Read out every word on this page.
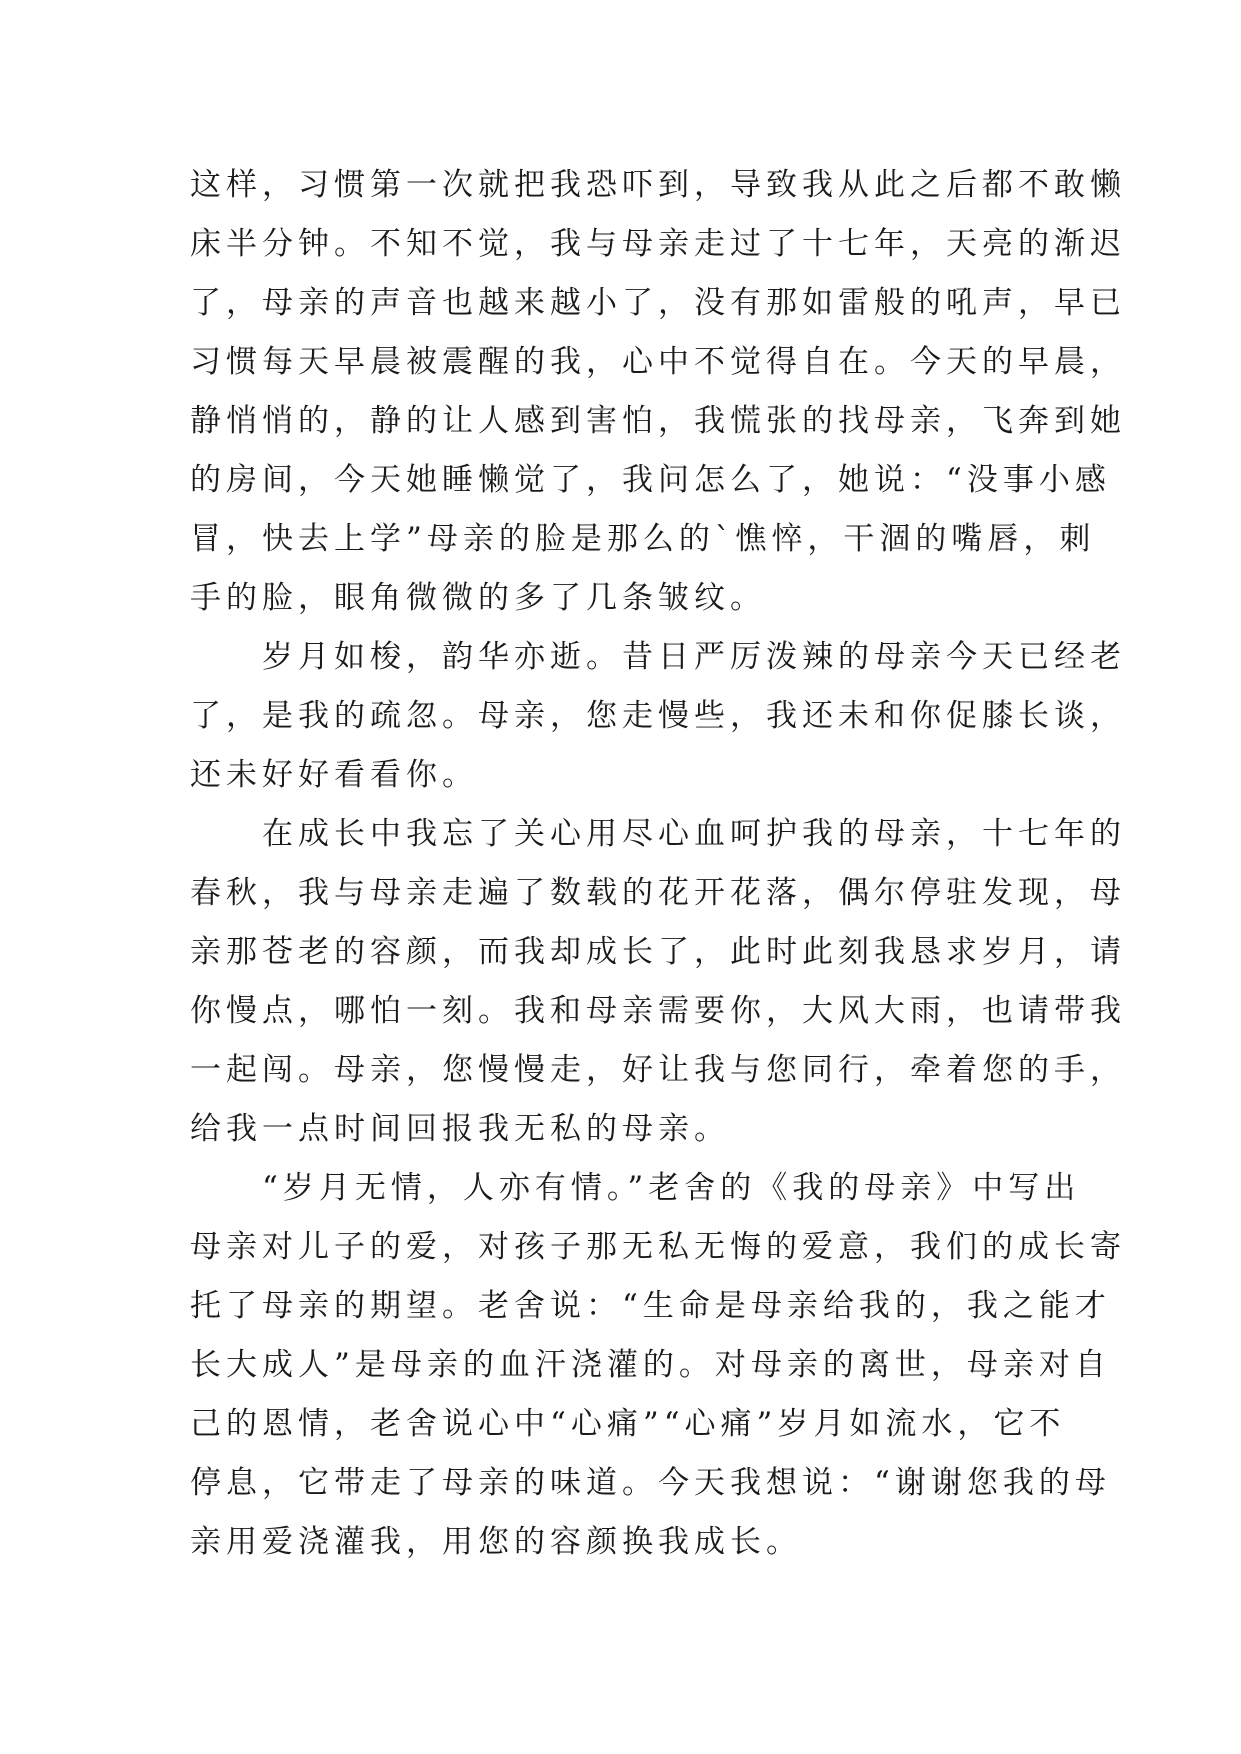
这样，习惯第一次就把我恐吓到，导致我从此之后都不敢懒
床半分钟。不知不觉，我与母亲走过了十七年，天亮的渐迟
了，母亲的声音也越来越小了，没有那如雷般的吼声，早已
习惯每天早晨被震醒的我，心中不觉得自在。今天的早晨，
静悄悄的，静的让人感到害怕，我慌张的找母亲，飞奔到她
的房间，今天她睡懒觉了，我问怎么了，她说：“没事小感
冒，快去上学”母亲的脸是那么的`憔悴，干涸的嘴唇，刺
手的脸，眼角微微的多了几条皱纹。
　　岁月如梭，韵华亦逝。昔日严厉泼辣的母亲今天已经老
了，是我的疏忽。母亲，您走慢些，我还未和你促膝长谈，
还未好好看看你。
　　在成长中我忘了关心用尽心血呵护我的母亲，十七年的
春秋，我与母亲走遍了数载的花开花落，偶尔停驻发现，母
亲那苍老的容颜，而我却成长了，此时此刻我恳求岁月，请
你慢点，哪怕一刻。我和母亲需要你，大风大雨，也请带我
一起闯。母亲，您慢慢走，好让我与您同行，牵着您的手，
给我一点时间回报我无私的母亲。
　　“岁月无情，人亦有情。”老舍的《我的母亲》中写出
母亲对儿子的爱，对孩子那无私无悔的爱意，我们的成长寄
托了母亲的期望。老舍说：“生命是母亲给我的，我之能才
长大成人”是母亲的血汗浇灌的。对母亲的离世，母亲对自
己的恩情，老舍说心中“心痛”“心痛”岁月如流水，它不
停息，它带走了母亲的味道。今天我想说：“谢谢您我的母
亲用爱浇灌我，用您的容颜换我成长。
